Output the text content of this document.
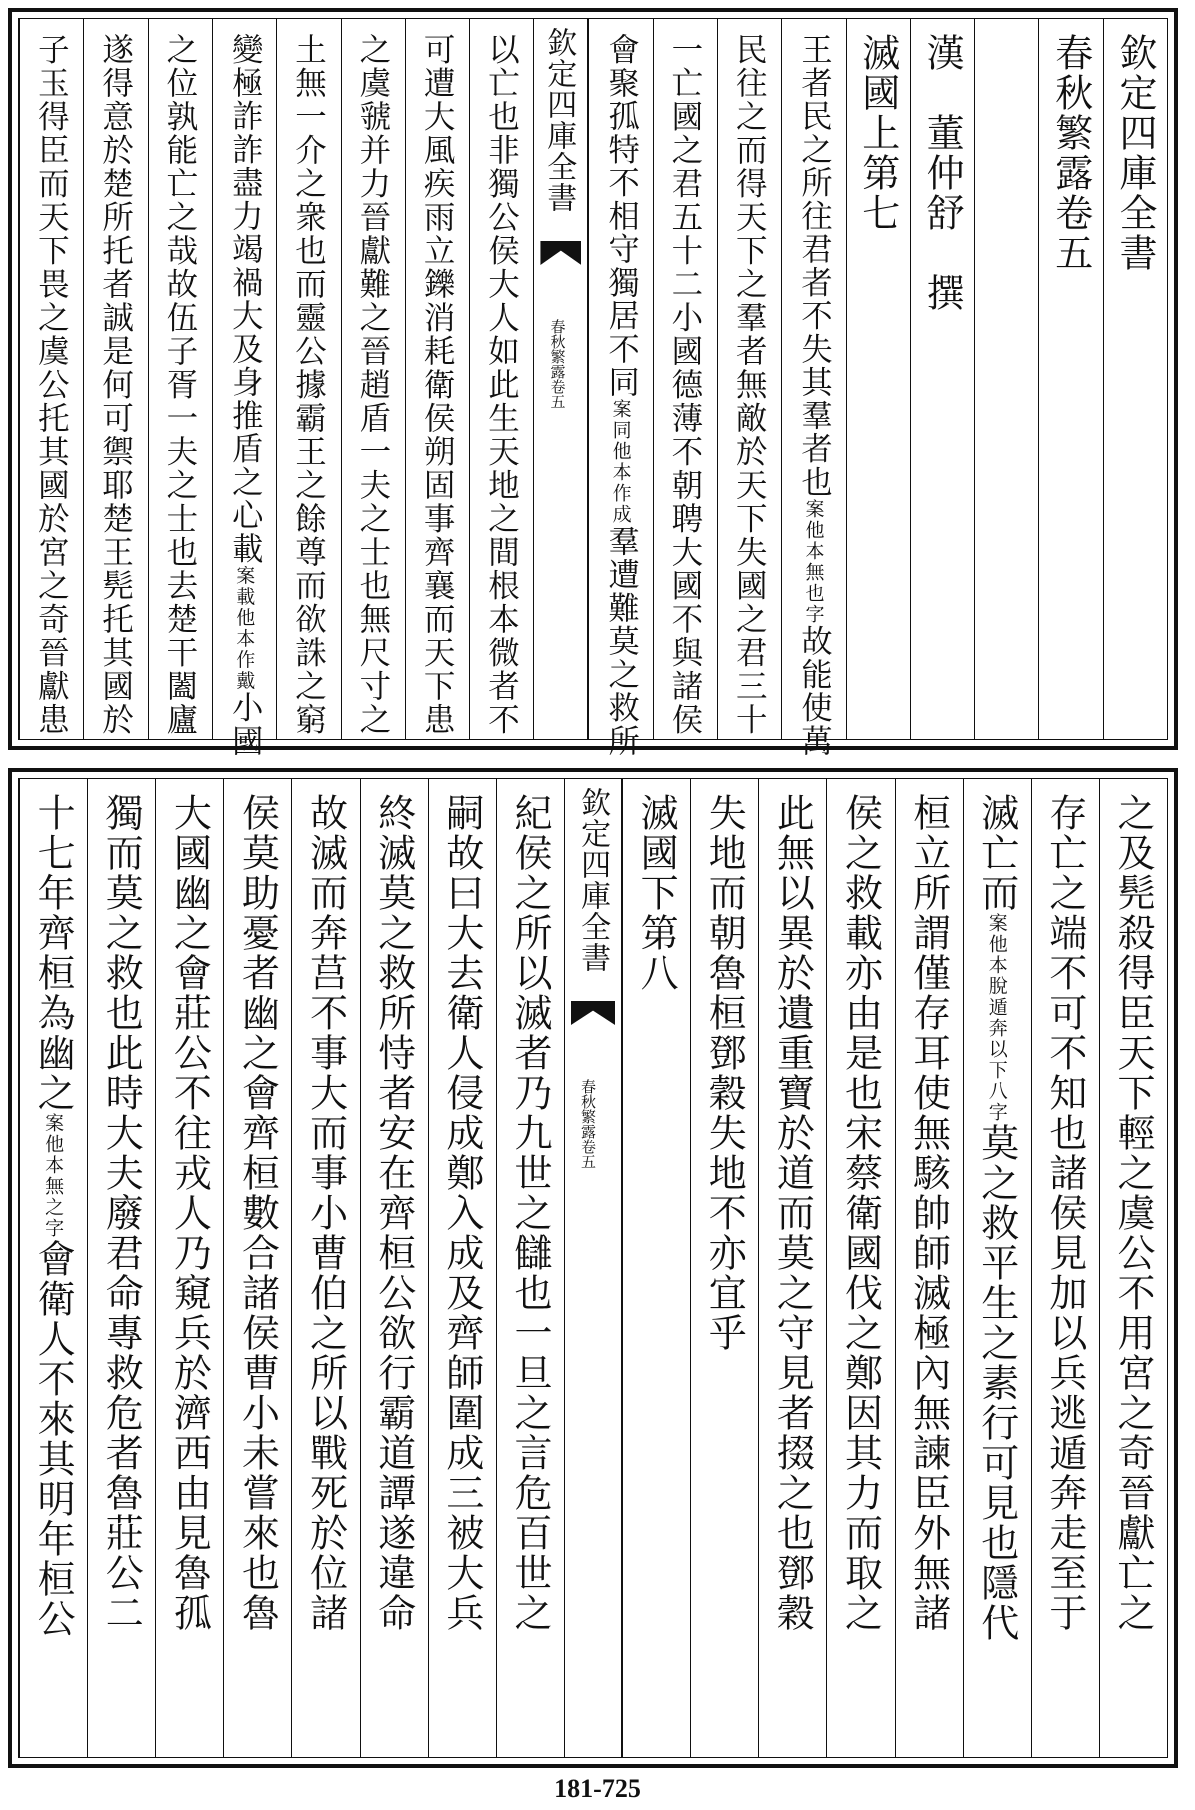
欽定四庫全書
春秋繁露卷五
漢　董仲舒　撰
滅國上第七
王者民之所往君者不失其羣者也案他本無也字故能使萬
民往之而得天下之羣者無敵於天下失國之君三十
一亡國之君五十二小國德薄不朝聘大國不與諸侯
會聚孤特不相守獨居不同案同他本作成羣遭難莫之救所
欽定四庫全書
春秋繁露卷五
以亡也非獨公侯大人如此生天地之間根本微者不
可遭大風疾雨立鑠消耗衛侯朔固事齊襄而天下患
之虞虢并力晉獻難之晉趙盾一夫之士也無尺寸之
土無一介之衆也而靈公據霸王之餘尊而欲誅之窮
變極詐詐盡力竭禍大及身推盾之心載案載他本作戴小國
之位孰能亡之哉故伍子胥一夫之士也去楚干闔廬
遂得意於楚所托者誠是何可禦耶楚王髡托其國於
子玉得臣而天下畏之虞公托其國於宮之奇晉獻患
之及髡殺得臣天下輕之虞公不用宮之奇晉獻亡之
存亡之端不可不知也諸侯見加以兵逃遁奔走至于
滅亡而案他本脫遁奔以下八字莫之救平生之素行可見也隱代
桓立所謂僅存耳使無駭帥師滅極內無諫臣外無諸
侯之救載亦由是也宋蔡衛國伐之鄭因其力而取之
此無以異於遺重寶於道而莫之守見者掇之也鄧穀
失地而朝魯桓鄧穀失地不亦宜乎
滅國下第八
欽定四庫全書
春秋繁露卷五
紀侯之所以滅者乃九世之讎也一旦之言危百世之
嗣故曰大去衛人侵成鄭入成及齊師圍成三被大兵
終滅莫之救所恃者安在齊桓公欲行霸道譚遂違命
故滅而奔莒不事大而事小曹伯之所以戰死於位諸
侯莫助憂者幽之會齊桓數合諸侯曹小未嘗來也魯
大國幽之會莊公不往戎人乃窺兵於濟西由見魯孤
獨而莫之救也此時大夫廢君命專救危者魯莊公二
十七年齊桓為幽之案他本無之字會衛人不來其明年桓公
181-725
